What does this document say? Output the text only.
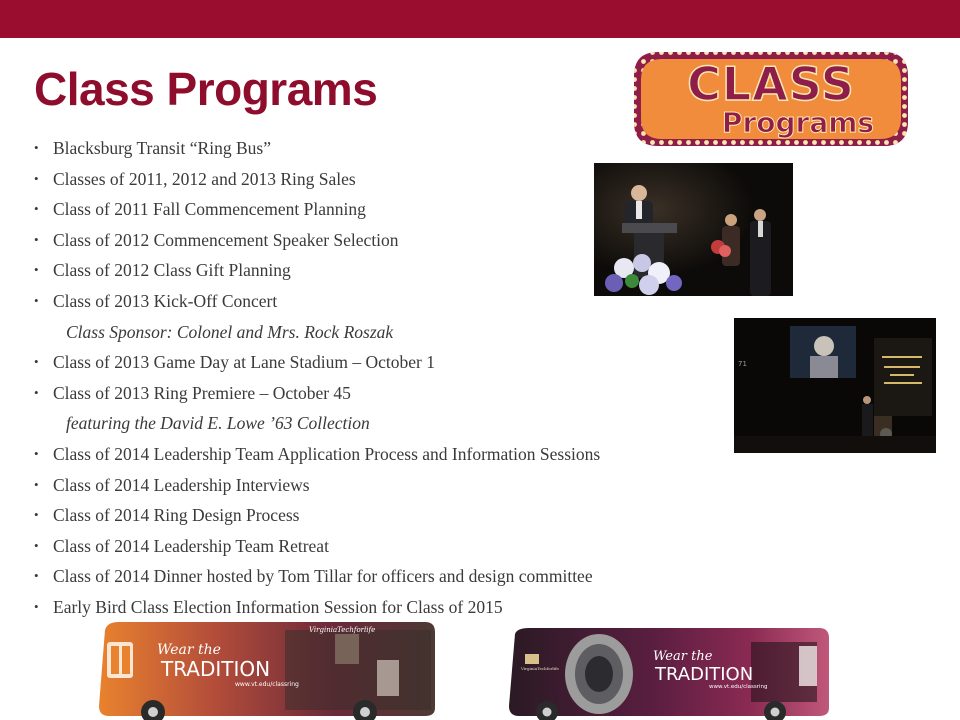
Class Programs
• Blacksburg Transit “Ring Bus”
• Classes of 2011, 2012 and 2013 Ring Sales
• Class of 2011 Fall Commencement Planning
• Class of 2012 Commencement Speaker Selection
• Class of 2012 Class Gift Planning
• Class of 2013 Kick-Off Concert
Class Sponsor: Colonel and Mrs. Rock Roszak
• Class of 2013 Game Day at Lane Stadium – October 1
• Class of 2013 Ring Premiere – October 45
featuring the David E. Lowe ’63 Collection
• Class of 2014 Leadership Team Application Process and Information Sessions
• Class of 2014 Leadership Interviews
• Class of 2014 Ring Design Process
• Class of 2014 Leadership Team Retreat
• Class of 2014 Dinner hosted by Tom Tillar for officers and design committee
• Early Bird Class Election Information Session for Class of 2015
CLASS
Programs
71
Wear the
TRADITION
www.vt.edu/classring
VirginiaTechforlife
Wear the
TRADITION
www.vt.edu/classring
VirginiaTechforlife
